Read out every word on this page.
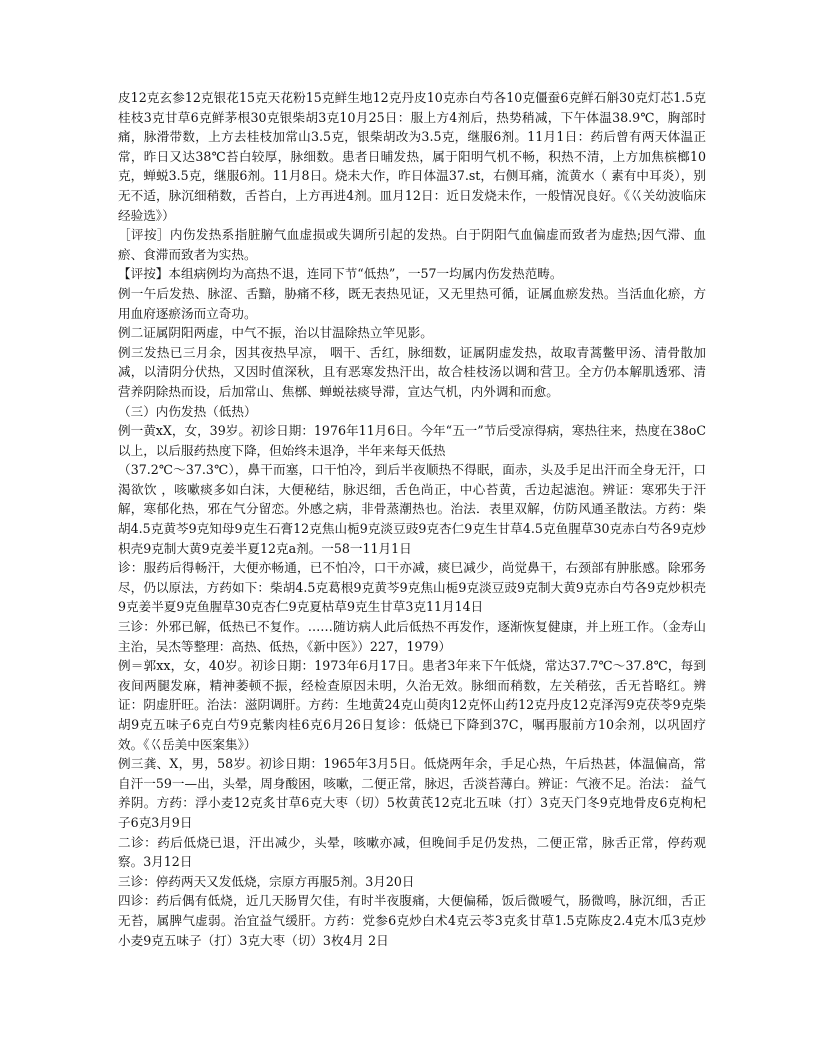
皮12克玄参12克银花15克天花粉15克鲜生地12克丹皮10克赤白芍各10克僵蚕6克鲜石斛30克灯芯1.5克桂枝3克甘草6克鲜茅根30克银柴胡3克10月25日：服上方4剂后，热势稍减，下午体温38.9℃，胸部时痛，脉滑带数，上方去桂枝加常山3.5克，银柴胡改为3.5克，继服6剂。11月1日：药后曾有两天体温正常，昨日又达38℃苔白较厚，脉细数。患者日晡发热，属于阳明气机不畅，积热不清，上方加焦槟榔10克，蝉蜕3.5克，继服6剂。11月8日。烧未大作，昨日体温37.st，右侧耳痛，流黄水（ 素有中耳炎），别无不适，脉沉细稍数，舌苔白，上方再进4剂。皿月12日：近日发烧未作，一般情况良好。《巜关幼波临床经验选》）

［评按］内伤发热系指脏腑气血虚损或失调所引起的发热。白于阴阳气血偏虚而致者为虚热;因气滞、血瘀、食滞而致者为实热。

【评按】本组病例均为高热不退，连同下节“低热”，一57一均属内伤发热范畴。

例一午后发热、脉涩、舌黯，胁痛不移，既无表热见证，又无里热可循，证属血瘀发热。当活血化瘀，方用血府逐瘀汤而立奇功。

例二证属阴阳两虚，中气不振，治以甘温除热立竿见影。

例三发热已三月余，因其夜热早凉， 咽干、舌红，脉细数，证属阴虚发热，故取青蒿鳖甲汤、清骨散加减，以清阴分伏热，又因时值深秋，且有恶寒发热汗出，故合桂枝汤以调和营卫。全方仍本解肌透邪、清营养阴除热而设，后加常山、焦槨、蝉蜕祛痰导滞，宣达气机，内外调和而愈。

（三）内伤发热（低热）

例一黄xX，女，39岁。初诊日期：1976年11月6日。今年“五一”节后受凉得病，寒热往来，热度在38oC以上，以后服药热度下降，但始终未退净，半年来每天低热

（37.2℃～37.3℃），鼻干而塞，口干怕冷，到后半夜顺热不得眠，面赤，头及手足出汗而全身无汗，口渴欲饮 ，咳嗽痰多如白沫，大便秘结，脉迟细，舌色尚正，中心苔黄，舌边起滤泡。辨证：寒邪失于汗解，寒郁化热，邪在气分留恋。外感之病，非骨蒸潮热也。治法．表里双解，仿防风通圣散法。方药：柴胡4.5克黄芩9克知母9克生石膏12克焦山栀9克淡豆豉9克杏仁9克生甘草4.5克鱼腥草30克赤白芍各9克炒枳壳9克制大黄9克姜半夏12克a剂。一58一11月1日

诊：服药后得畅汗，大便亦畅通，已不怕冷，口干亦减，痰巳减少，尚觉鼻干，右颈部有肿胀感。除邪务尽，仍以原法，方药如下：柴胡4.5克葛根9克黄芩9克焦山栀9克淡豆豉9克制大黄9克赤白芍各9克炒枳壳9克姜半夏9克鱼腥草30克杏仁9克夏枯草9克生甘草3克11月14日

三诊：外邪已解，低热已不复作。……随访病人此后低热不再发作，逐渐恢复健康，并上班工作。（金寿山主治，吴杰等整理：高热、低热，《新中医》）227，1979）

例＝郭xx，女，40岁。初诊日期：1973年6月17日。患者3年来下午低烧，常达37.7℃～37.8℃，每到夜间两腿发麻，精神萎顿不振，经检查原因未明，久治无效。脉细而稍数，左关稍弦，舌无苔略红。辨证：阴虚肝旺。治法：滋阴调肝。方药：生地黄24克山萸肉12克怀山药12克丹皮12克泽泻9克茯苓9克柴胡9克五味子6克白芍9克紫肉桂6克6月26日复诊：低烧已下降到37C，嘱再服前方10余剂，以巩固疗效。《巜岳美中医案集》）

例三龚、X，男，58岁。初诊日期：1965年3月5日。低烧两年余，手足心热，午后热甚，体温偏高，常自汗一59一—出，头晕，周身酸困，咳嗽，二便正常，脉迟，舌淡苔薄白。辨证：气液不足。治法： 益气养阴。方药：浮小麦12克炙甘草6克大枣（切）5枚黄芪12克北五味（打）3克天门冬9克地骨皮6克枸杞子6克3月9日

二诊：药后低烧已退，汗出减少，头晕，咳嗽亦减，但晚间手足仍发热，二便正常，脉舌正常，停药观察。3月12日

三诊：停药两天又发低烧，宗原方再服5剂。3月20日

四诊：药后偶有低烧，近几天肠胃欠佳，有时半夜腹痛，大便偏稀，饭后微嗳气，肠微鸣，脉沉细，舌正无苔，属脾气虚弱。治宜益气缓肝。方药：党参6克炒白术4克云苓3克炙甘草1.5克陈皮2.4克木瓜3克炒小麦9克五味子（打）3克大枣（切）3枚4月 2日
